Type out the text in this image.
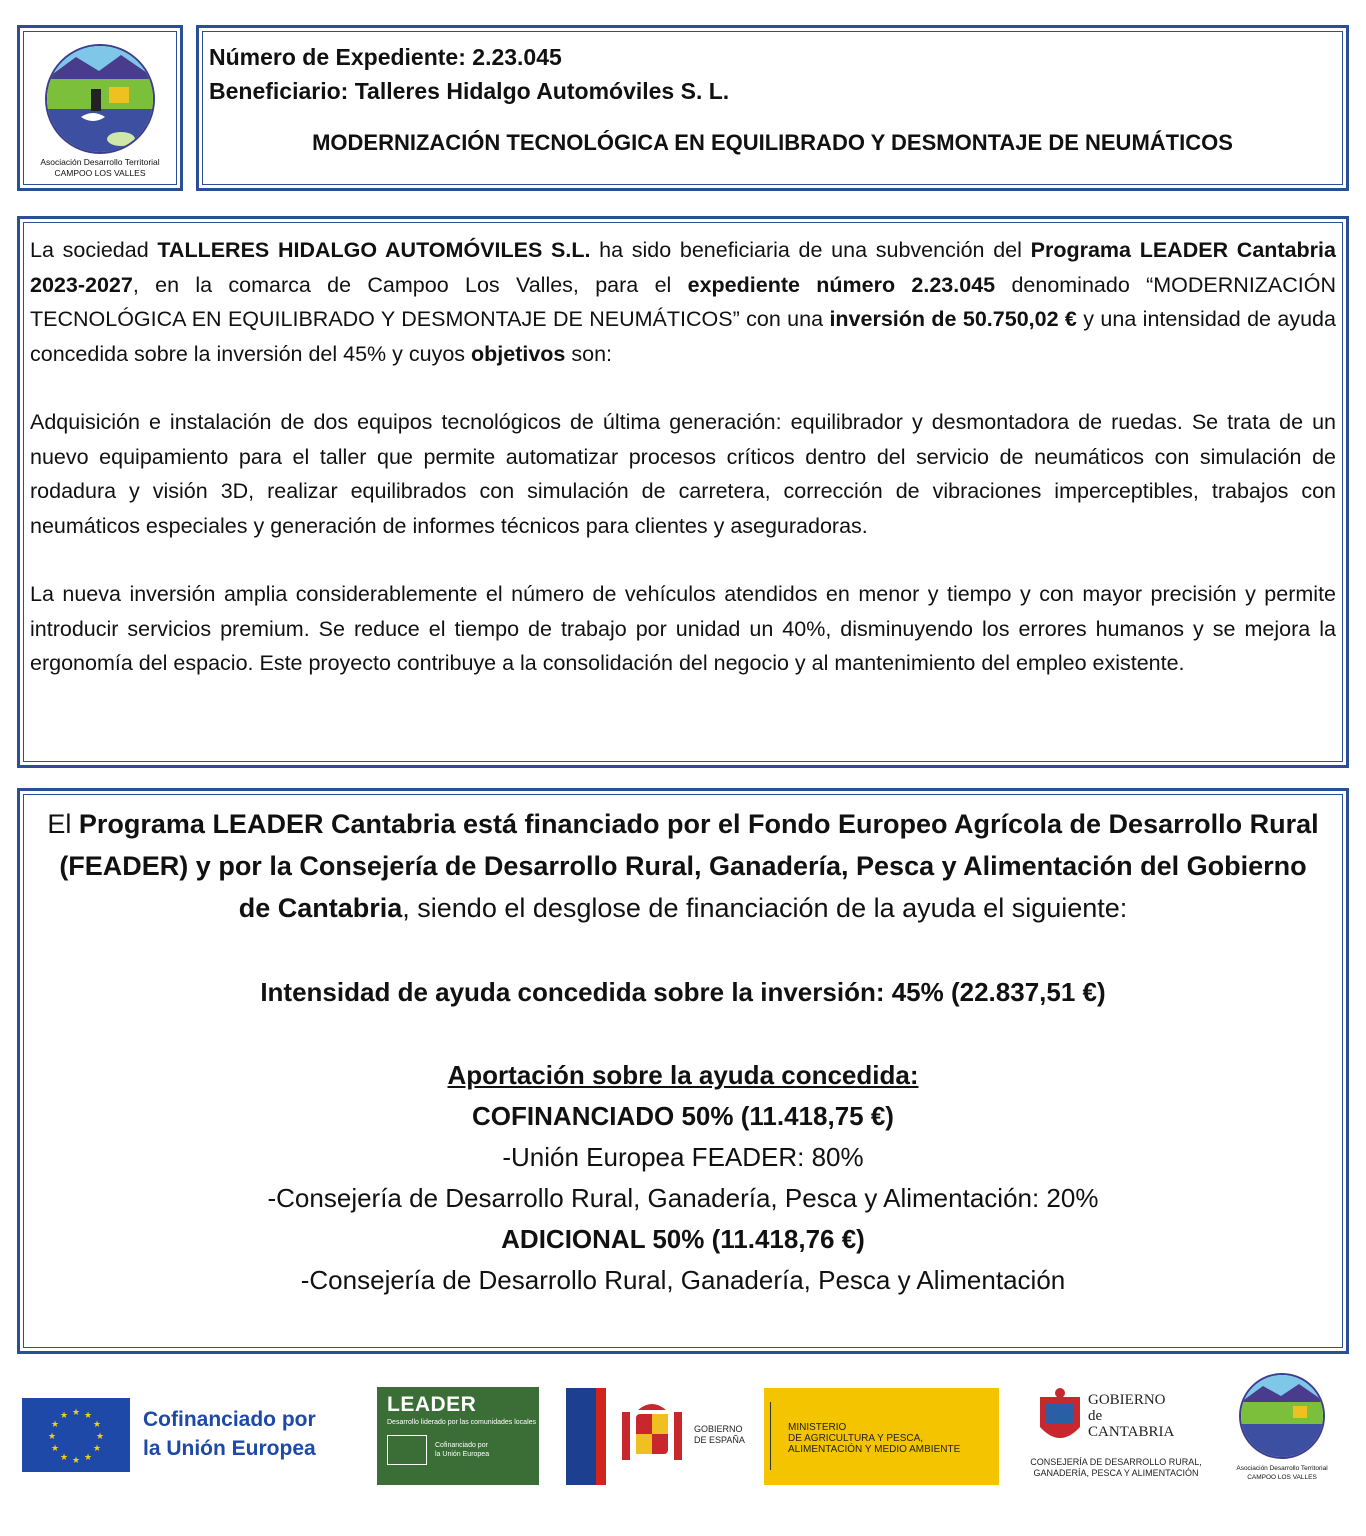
Asociación Desarrollo Territorial
CAMPOO LOS VALLES
Número de Expediente: 2.23.045
Beneficiario: Talleres Hidalgo Automóviles S. L.
MODERNIZACIÓN TECNOLÓGICA EN EQUILIBRADO Y DESMONTAJE DE NEUMÁTICOS

La sociedad TALLERES HIDALGO AUTOMÓVILES S.L. ha sido beneficiaria de una subvención del Programa LEADER Cantabria 2023-2027, en la comarca de Campoo Los Valles, para el expediente número 2.23.045 denominado “MODERNIZACIÓN TECNOLÓGICA EN EQUILIBRADO Y DESMONTAJE DE NEUMÁTICOS” con una inversión de 50.750,02 € y una intensidad de ayuda concedida sobre la inversión del 45% y cuyos objetivos son:

Adquisición e instalación de dos equipos tecnológicos de última generación: equilibrador y desmontadora de ruedas. Se trata de un nuevo equipamiento para el taller que permite automatizar procesos críticos dentro del servicio de neumáticos con simulación de rodadura y visión 3D, realizar equilibrados con simulación de carretera, corrección de vibraciones imperceptibles, trabajos con neumáticos especiales y generación de informes técnicos para clientes y aseguradoras.

La nueva inversión amplia considerablemente el número de vehículos atendidos en menor y tiempo y con mayor precisión y permite introducir servicios premium. Se reduce el tiempo de trabajo por unidad un 40%, disminuyendo los errores humanos y se mejora la ergonomía del espacio. Este proyecto contribuye a la consolidación del negocio y al mantenimiento del empleo existente.

El Programa LEADER Cantabria está financiado por el Fondo Europeo Agrícola de Desarrollo Rural (FEADER) y por la Consejería de Desarrollo Rural, Ganadería, Pesca y Alimentación del Gobierno de Cantabria, siendo el desglose de financiación de la ayuda el siguiente:

Intensidad de ayuda concedida sobre la inversión: 45% (22.837,51 €)

Aportación sobre la ayuda concedida:
COFINANCIADO 50% (11.418,75 €)
-Unión Europea FEADER: 80%
-Consejería de Desarrollo Rural, Ganadería, Pesca y Alimentación: 20%
ADICIONAL 50% (11.418,76 €)
-Consejería de Desarrollo Rural, Ganadería, Pesca y Alimentación
★ ★
★
★
★
★
★
★
★
★
★
★	Cofinanciado por
la Unión Europea
LEADER
Desarrollo liderado por las comunidades locales
Cofinanciado por
la Unión Europea
GOBIERNO
DE ESPAÑA
MINISTERIO
DE AGRICULTURA Y PESCA,
ALIMENTACIÓN Y MEDIO AMBIENTE
GOBIERNO
de
CANTABRIA
CONSEJERÍA DE DESARROLLO RURAL,
GANADERÍA, PESCA Y ALIMENTACIÓN	Asociación Desarrollo Territorial
CAMPOO LOS VALLES
